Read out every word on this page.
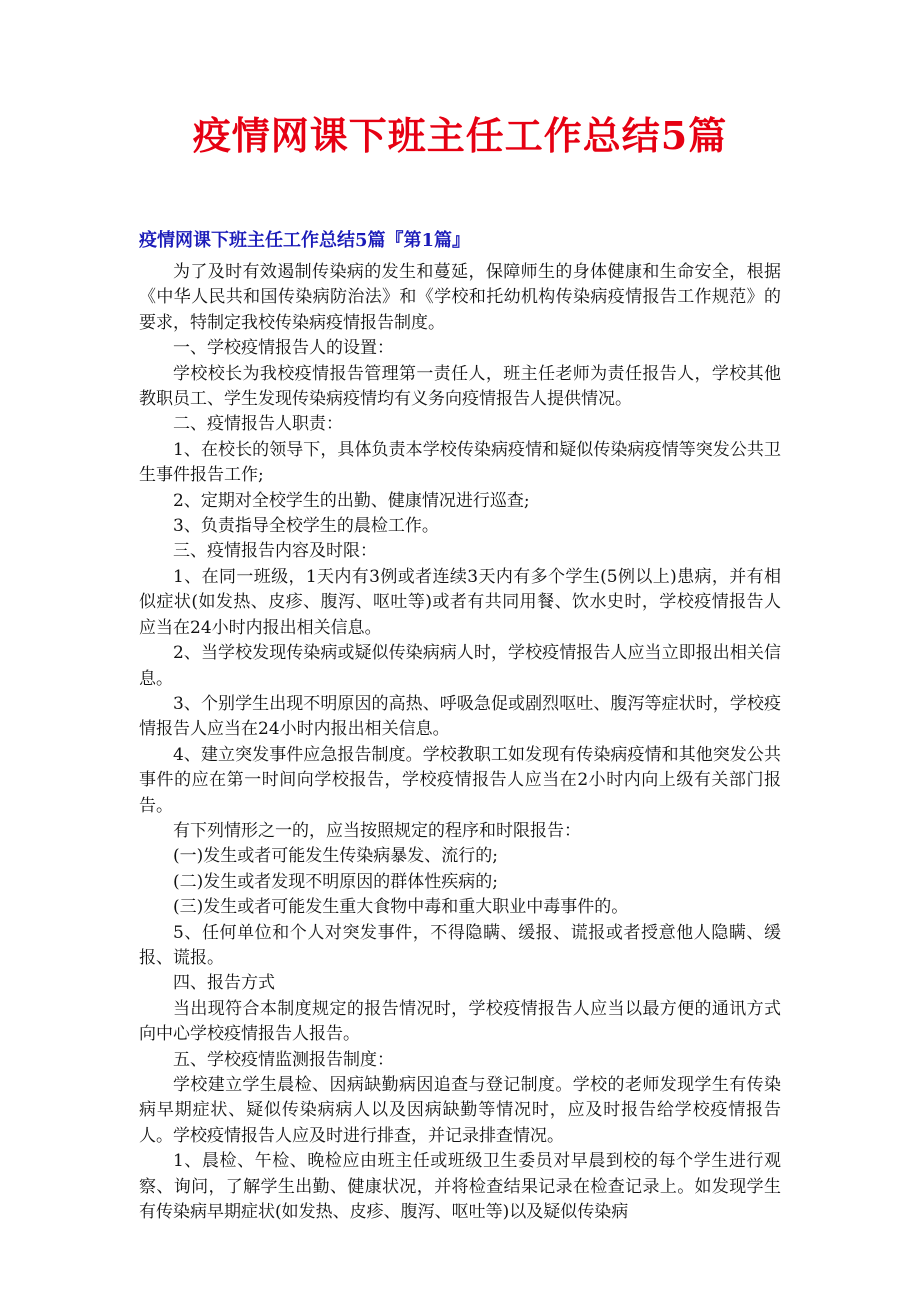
疫情网课下班主任工作总结5篇
疫情网课下班主任工作总结5篇『第1篇』

为了及时有效遏制传染病的发生和蔓延，保障师生的身体健康和生命安全，根据《中华人民共和国传染病防治法》和《学校和托幼机构传染病疫情报告工作规范》的要求，特制定我校传染病疫情报告制度。

一、学校疫情报告人的设置：

学校校长为我校疫情报告管理第一责任人，班主任老师为责任报告人，学校其他教职员工、学生发现传染病疫情均有义务向疫情报告人提供情况。

二、疫情报告人职责：

1、在校长的领导下，具体负责本学校传染病疫情和疑似传染病疫情等突发公共卫生事件报告工作;

2、定期对全校学生的出勤、健康情况进行巡查;

3、负责指导全校学生的晨检工作。

三、疫情报告内容及时限：

1、在同一班级，1天内有3例或者连续3天内有多个学生(5例以上)患病，并有相似症状(如发热、皮疹、腹泻、呕吐等)或者有共同用餐、饮水史时，学校疫情报告人应当在24小时内报出相关信息。

2、当学校发现传染病或疑似传染病病人时，学校疫情报告人应当立即报出相关信息。

3、个别学生出现不明原因的高热、呼吸急促或剧烈呕吐、腹泻等症状时，学校疫情报告人应当在24小时内报出相关信息。

4、建立突发事件应急报告制度。学校教职工如发现有传染病疫情和其他突发公共事件的应在第一时间向学校报告，学校疫情报告人应当在2小时内向上级有关部门报告。

有下列情形之一的，应当按照规定的程序和时限报告：

(一)发生或者可能发生传染病暴发、流行的;

(二)发生或者发现不明原因的群体性疾病的;

(三)发生或者可能发生重大食物中毒和重大职业中毒事件的。

5、任何单位和个人对突发事件，不得隐瞒、缓报、谎报或者授意他人隐瞒、缓报、谎报。

四、报告方式

当出现符合本制度规定的报告情况时，学校疫情报告人应当以最方便的通讯方式向中心学校疫情报告人报告。

五、学校疫情监测报告制度：

学校建立学生晨检、因病缺勤病因追查与登记制度。学校的老师发现学生有传染病早期症状、疑似传染病病人以及因病缺勤等情况时，应及时报告给学校疫情报告人。学校疫情报告人应及时进行排查，并记录排查情况。

1、晨检、午检、晚检应由班主任或班级卫生委员对早晨到校的每个学生进行观察、询问，了解学生出勤、健康状况，并将检查结果记录在检查记录上。如发现学生有传染病早期症状(如发热、皮疹、腹泻、呕吐等)以及疑似传染病
